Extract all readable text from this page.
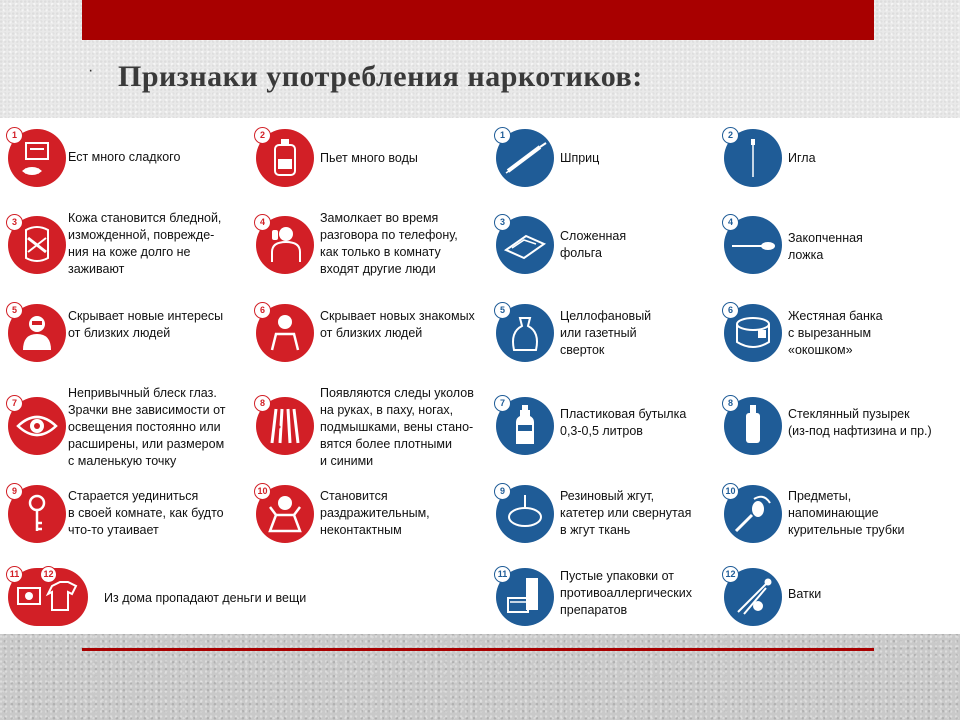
· Признаки употребления наркотиков:
1

Ест много сладкого

2

Пьет много воды

3	Кожа становится бледной,
изможденной, поврежде-
ния на коже долго не
заживают

4	Замолкает во время
разговора по телефону,
как только в комнату
входят другие люди

5	Скрывает новые интересы
от близких людей

6	Скрывает новых знакомых
от близких людей

7

Непривычный блеск глаз.
Зрачки вне зависимости от
освещения постоянно или
расширены, или размером
с маленькую точку

8

Появляются следы уколов
на руках, в паху, ногах,
подмышками, вены стано-
вятся более плотными
и синими

9	Старается уединиться
в своей комнате, как будто
что-то утаивает

10	Становится
раздражительным,
неконтактным

11	12

Из дома пропадают деньги и вещи

1

Шприц

2

Игла

3

Сложенная
фольга

4

Закопченная
ложка

5	Целлофановый
или газетный
сверток

6	Жестяная банка
с вырезанным
«окошком»

7

Пластиковая бутылка
0,3-0,5 литров

8

Стеклянный пузырек
(из-под нафтизина и пр.)

9	Резиновый жгут,
катетер или свернутая
в жгут ткань

10	Предметы,
напоминающие
курительные трубки

11	Пустые упаковки от
противоаллергических
препаратов

12

Ватки
